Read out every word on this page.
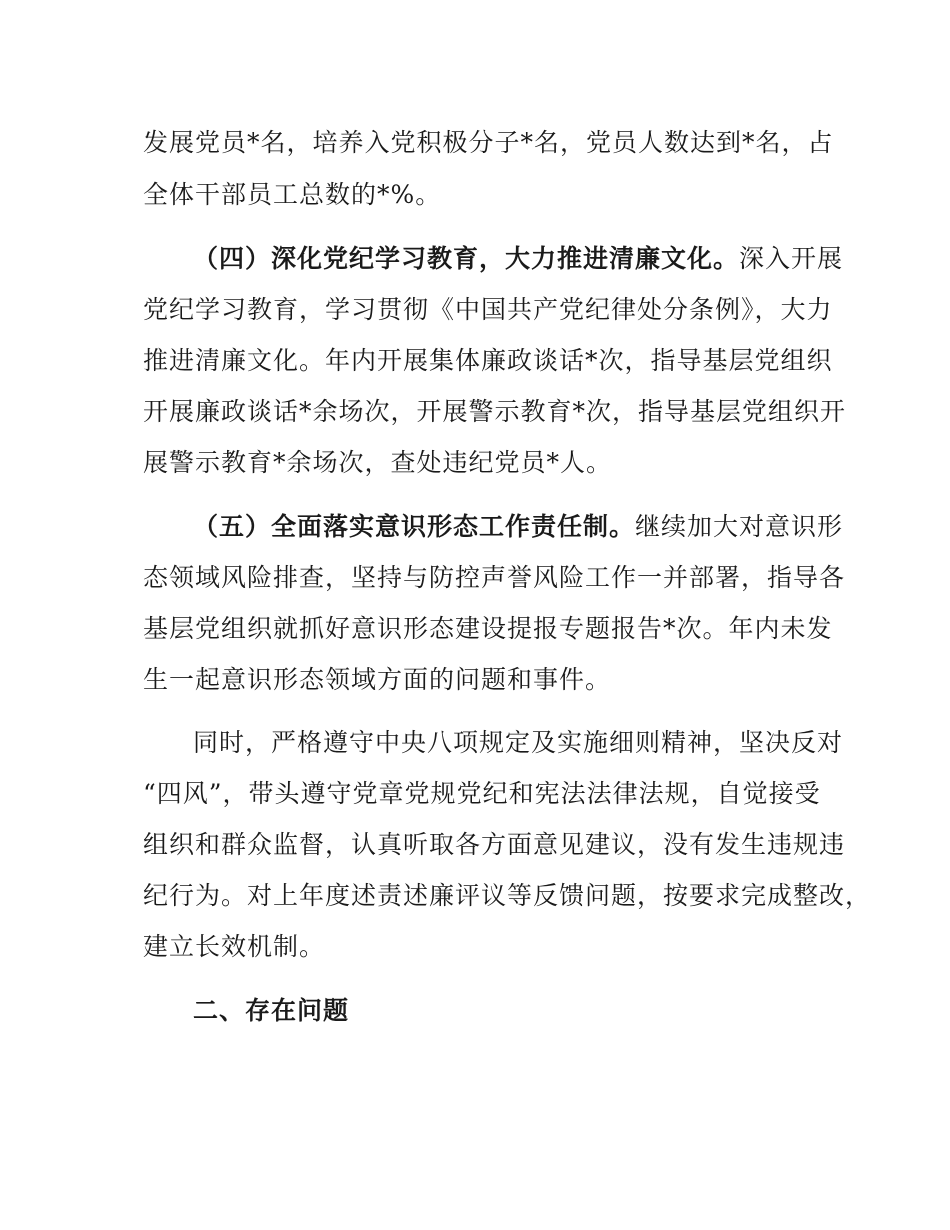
发展党员*名，培养入党积极分子*名，党员人数达到*名，占
全体干部员工总数的*%。
（四）深化党纪学习教育，大力推进清廉文化。深入开展
党纪学习教育，学习贯彻《中国共产党纪律处分条例》，大力
推进清廉文化。年内开展集体廉政谈话*次，指导基层党组织
开展廉政谈话*余场次，开展警示教育*次，指导基层党组织开
展警示教育*余场次，查处违纪党员*人。
（五）全面落实意识形态工作责任制。继续加大对意识形
态领域风险排查，坚持与防控声誉风险工作一并部署，指导各
基层党组织就抓好意识形态建设提报专题报告*次。年内未发
生一起意识形态领域方面的问题和事件。
同时，严格遵守中央八项规定及实施细则精神，坚决反对
“四风”，带头遵守党章党规党纪和宪法法律法规，自觉接受
组织和群众监督，认真听取各方面意见建议，没有发生违规违
纪行为。对上年度述责述廉评议等反馈问题，按要求完成整改，
建立长效机制。
二、存在问题
